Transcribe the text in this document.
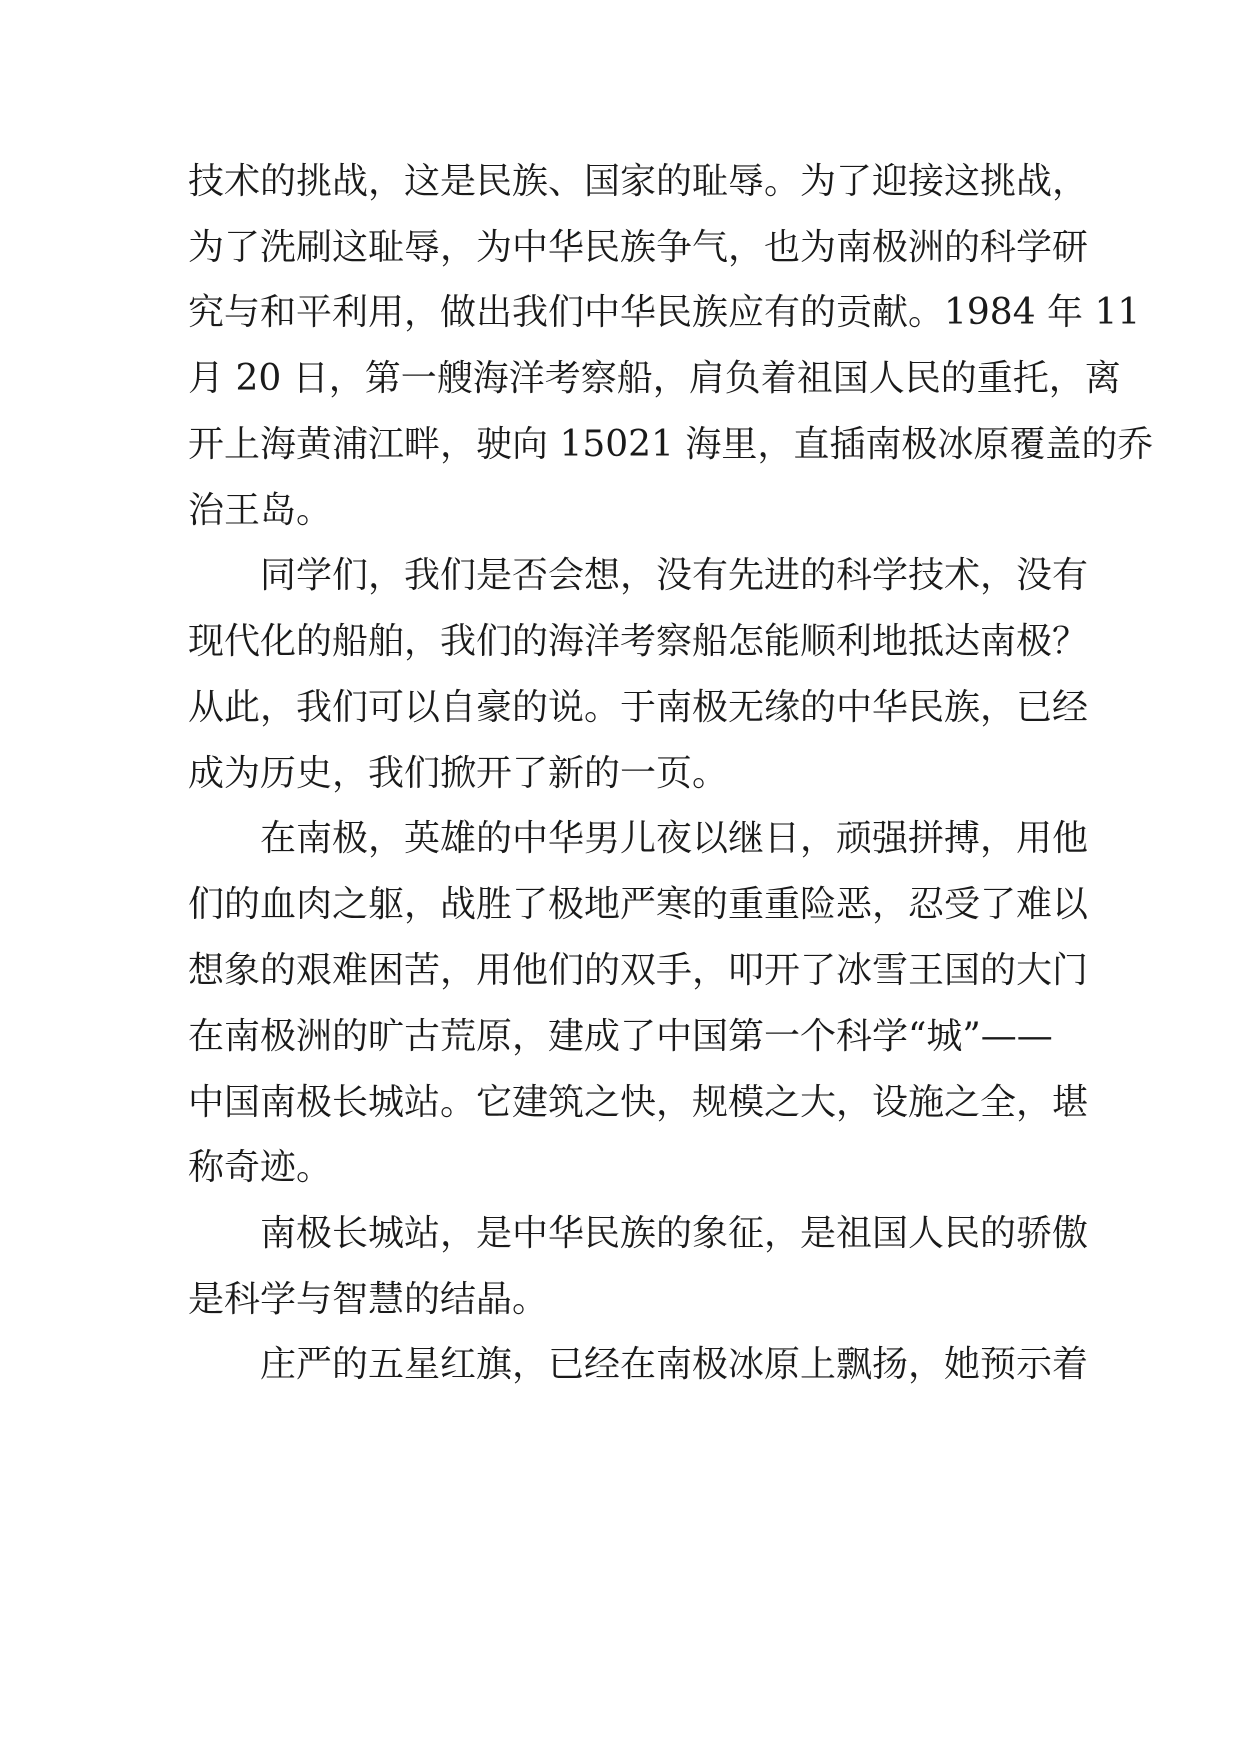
技术的挑战，这是民族、国家的耻辱。为了迎接这挑战，
为了洗刷这耻辱，为中华民族争气，也为南极洲的科学研
究与和平利用，做出我们中华民族应有的贡献。1984 年 11
月 20 日，第一艘海洋考察船，肩负着祖国人民的重托，离
开上海黄浦江畔，驶向 15021 海里，直插南极冰原覆盖的乔
治王岛。
同学们，我们是否会想，没有先进的科学技术，没有
现代化的船舶，我们的海洋考察船怎能顺利地抵达南极？
从此，我们可以自豪的说。于南极无缘的中华民族，已经
成为历史，我们掀开了新的一页。
在南极，英雄的中华男儿夜以继日，顽强拼搏，用他
们的血肉之躯，战胜了极地严寒的重重险恶，忍受了难以
想象的艰难困苦，用他们的双手，叩开了冰雪王国的大门
在南极洲的旷古荒原，建成了中国第一个科学“城”——
中国南极长城站。它建筑之快，规模之大，设施之全，堪
称奇迹。
南极长城站，是中华民族的象征，是祖国人民的骄傲
是科学与智慧的结晶。
庄严的五星红旗，已经在南极冰原上飘扬，她预示着
